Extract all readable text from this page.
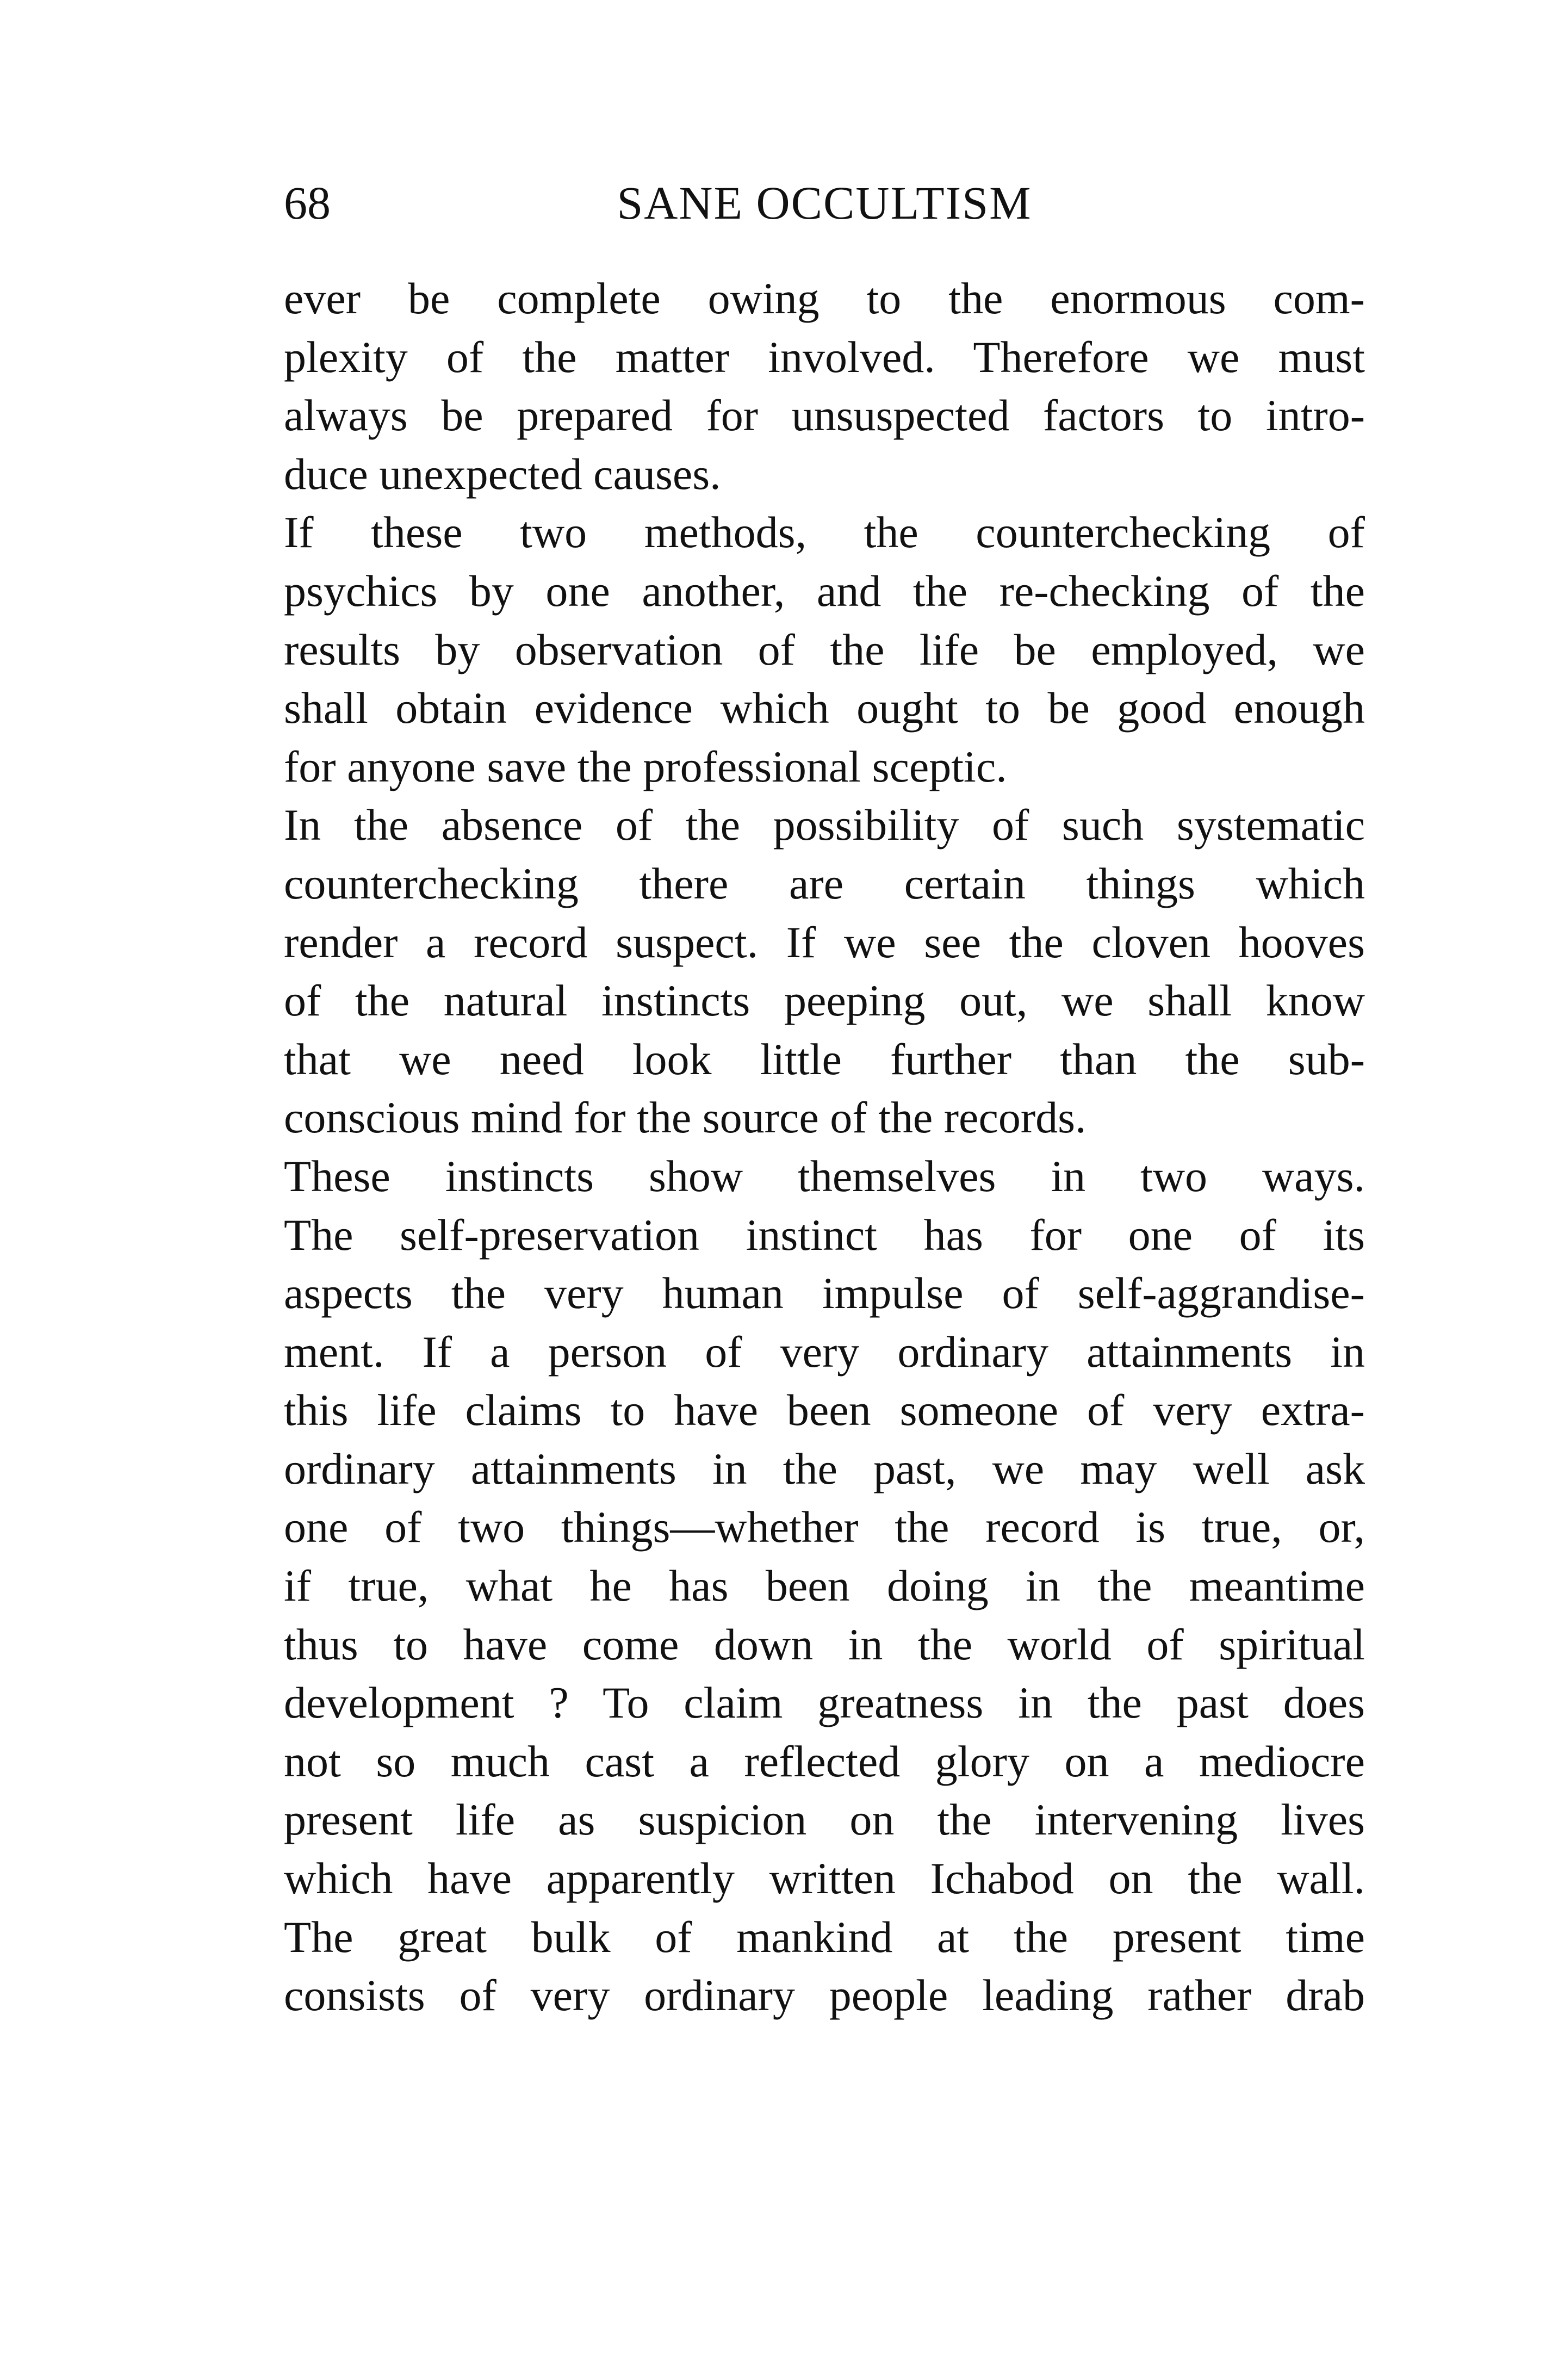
68	SANE OCCULTISM
ever be complete owing to the enormous com-
plexity of the matter involved. Therefore we must
always be prepared for unsuspected factors to intro-
duce unexpected causes.
If these two methods, the counterchecking of
psychics by one another, and the re-checking of the
results by observation of the life be employed, we
shall obtain evidence which ought to be good enough
for anyone save the professional sceptic.
In the absence of the possibility of such systematic
counterchecking there are certain things which
render a record suspect. If we see the cloven hooves
of the natural instincts peeping out, we shall know
that we need look little further than the sub-
conscious mind for the source of the records.
These instincts show themselves in two ways.
The self-preservation instinct has for one of its
aspects the very human impulse of self-aggrandise-
ment. If a person of very ordinary attainments in
this life claims to have been someone of very extra-
ordinary attainments in the past, we may well ask
one of two things—whether the record is true, or,
if true, what he has been doing in the meantime
thus to have come down in the world of spiritual
development ? To claim greatness in the past does
not so much cast a reflected glory on a mediocre
present life as suspicion on the intervening lives
which have apparently written Ichabod on the wall.
The great bulk of mankind at the present time
consists of very ordinary people leading rather drab
